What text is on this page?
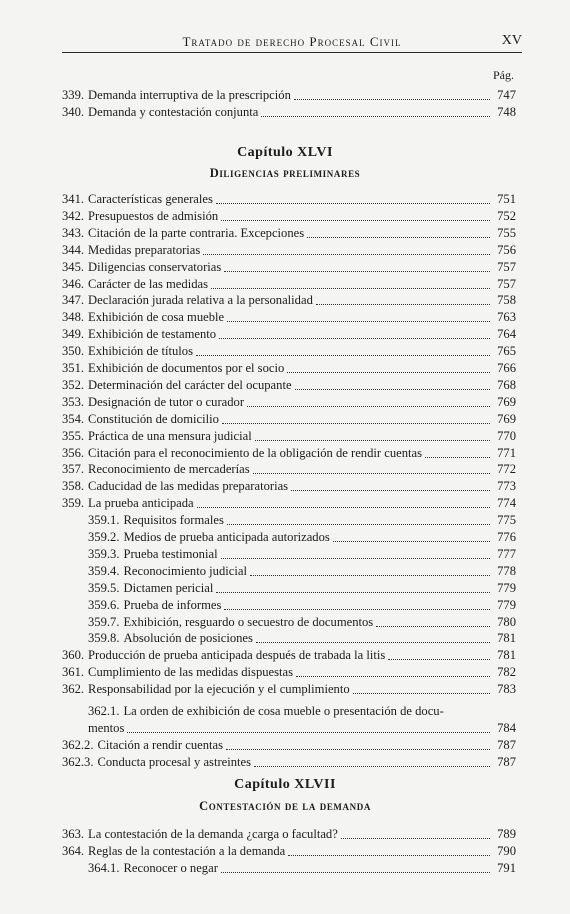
Tratado de derecho Procesal Civil	XV
Pág.
Capítulo XLVI
Diligencias preliminares
362.1. La orden de exhibición de cosa mueble o presentación de docu-
mentos	784
Capítulo XLVII
Contestación de la demanda
339. Demanda interruptiva de la prescripción	747
340. Demanda y contestación conjunta	748
341. Características generales	751
342. Presupuestos de admisión	752
343. Citación de la parte contraria. Excepciones	755
344. Medidas preparatorias	756
345. Diligencias conservatorias	757
346. Carácter de las medidas	757
347. Declaración jurada relativa a la personalidad	758
348. Exhibición de cosa mueble	763
349. Exhibición de testamento	764
350. Exhibición de títulos	765
351. Exhibición de documentos por el socio	766
352. Determinación del carácter del ocupante	768
353. Designación de tutor o curador	769
354. Constitución de domicilio	769
355. Práctica de una mensura judicial	770
356. Citación para el reconocimiento de la obligación de rendir cuentas	771
357. Reconocimiento de mercaderías	772
358. Caducidad de las medidas preparatorias	773
359. La prueba anticipada	774
359.1. Requisitos formales	775
359.2. Medios de prueba anticipada autorizados	776
359.3. Prueba testimonial	777
359.4. Reconocimiento judicial	778
359.5. Dictamen pericial	779
359.6. Prueba de informes	779
359.7. Exhibición, resguardo o secuestro de documentos	780
359.8. Absolución de posiciones	781
360. Producción de prueba anticipada después de trabada la litis	781
361. Cumplimiento de las medidas dispuestas	782
362. Responsabilidad por la ejecución y el cumplimiento	783
362.2. Citación a rendir cuentas	787
362.3. Conducta procesal y astreintes	787
363. La contestación de la demanda ¿carga o facultad?	789
364. Reglas de la contestación a la demanda	790
364.1. Reconocer o negar	791
